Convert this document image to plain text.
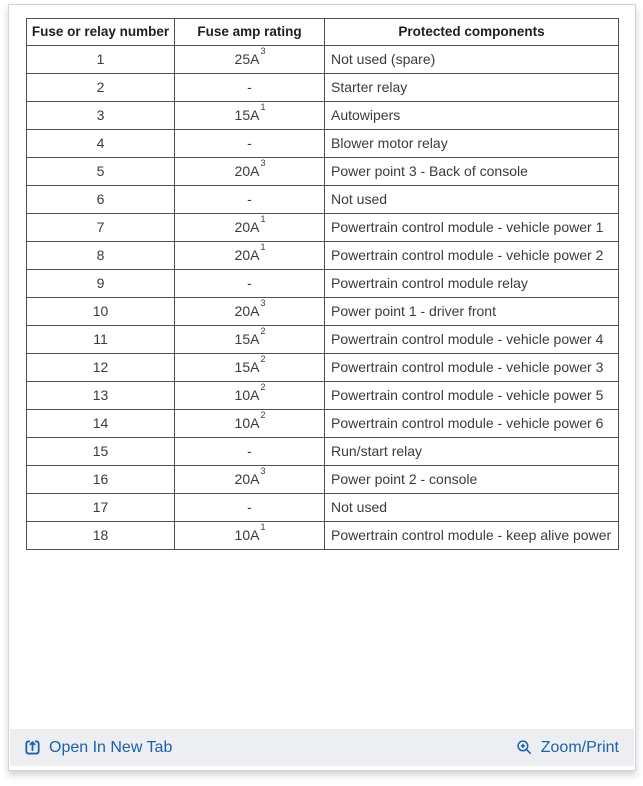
Fuse or relay number	Fuse amp rating	Protected components
1	$25A^3$	Not used (spare)
2	-	Starter relay
3	$15A^1$	Autowipers
4	-	Blower motor relay
5	$20A^3$	Power point 3 - Back of console
6	-	Not used
7	$20A^1$	Powertrain control module - vehicle power 1
8	$20A^1$	Powertrain control module - vehicle power 2
9	-	Powertrain control module relay
10	$20A^3$	Power point 1 - driver front
11	$15A^2$	Powertrain control module - vehicle power 4
12	$15A^2$	Powertrain control module - vehicle power 3
13	$10A^2$	Powertrain control module - vehicle power 5
14	$10A^2$	Powertrain control module - vehicle power 6
15	-	Run/start relay
16	$20A^3$	Power point 2 - console
17	-	Not used
18	$10A^1$	Powertrain control module - keep alive power
Open In New Tab	Zoom/Print
